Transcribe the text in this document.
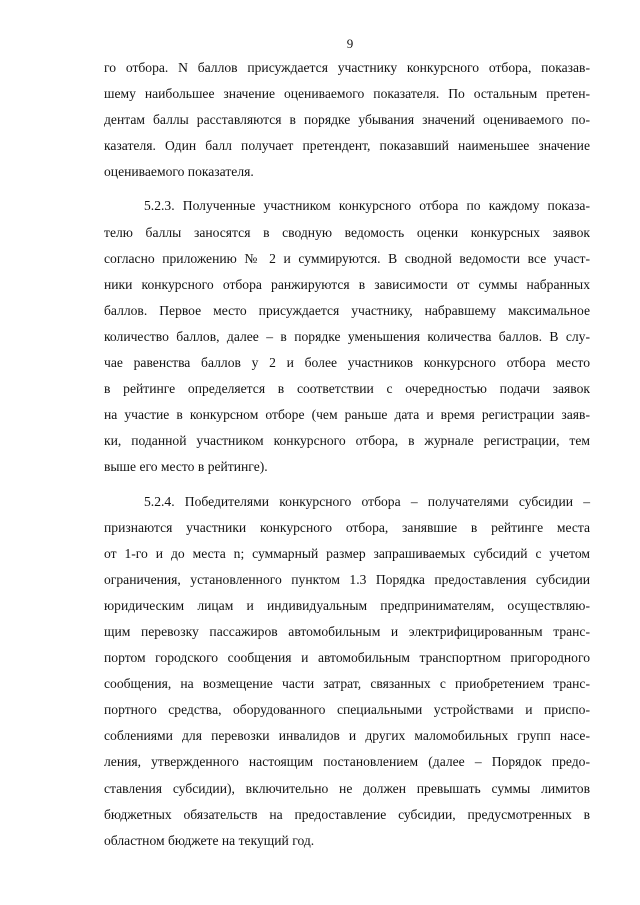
9
го отбора. N баллов присуждается участнику конкурсного отбора, показав-
шему наибольшее значение оцениваемого показателя. По остальным претен-
дентам баллы расставляются в порядке убывания значений оцениваемого по-
казателя. Один балл получает претендент, показавший наименьшее значение
оцениваемого показателя.
5.2.3. Полученные участником конкурсного отбора по каждому показа-
телю баллы заносятся в сводную ведомость оценки конкурсных заявок
согласно приложению № 2 и суммируются. В сводной ведомости все участ-
ники конкурсного отбора ранжируются в зависимости от суммы набранных
баллов. Первое место присуждается участнику, набравшему максимальное
количество баллов, далее – в порядке уменьшения количества баллов. В слу-
чае равенства баллов у 2 и более участников конкурсного отбора место
в рейтинге определяется в соответствии с очередностью подачи заявок
на участие в конкурсном отборе (чем раньше дата и время регистрации заяв-
ки, поданной участником конкурсного отбора, в журнале регистрации, тем
выше его место в рейтинге).
5.2.4. Победителями конкурсного отбора – получателями субсидии –
признаются участники конкурсного отбора, занявшие в рейтинге места
от 1-го и до места n; суммарный размер запрашиваемых субсидий с учетом
ограничения, установленного пунктом 1.3 Порядка предоставления субсидии
юридическим лицам и индивидуальным предпринимателям, осуществляю-
щим перевозку пассажиров автомобильным и электрифицированным транс-
портом городского сообщения и автомобильным транспортном пригородного
сообщения, на возмещение части затрат, связанных с приобретением транс-
портного средства, оборудованного специальными устройствами и приспо-
соблениями для перевозки инвалидов и других маломобильных групп насе-
ления, утвержденного настоящим постановлением (далее – Порядок предо-
ставления субсидии), включительно не должен превышать суммы лимитов
бюджетных обязательств на предоставление субсидии, предусмотренных в
областном бюджете на текущий год.
